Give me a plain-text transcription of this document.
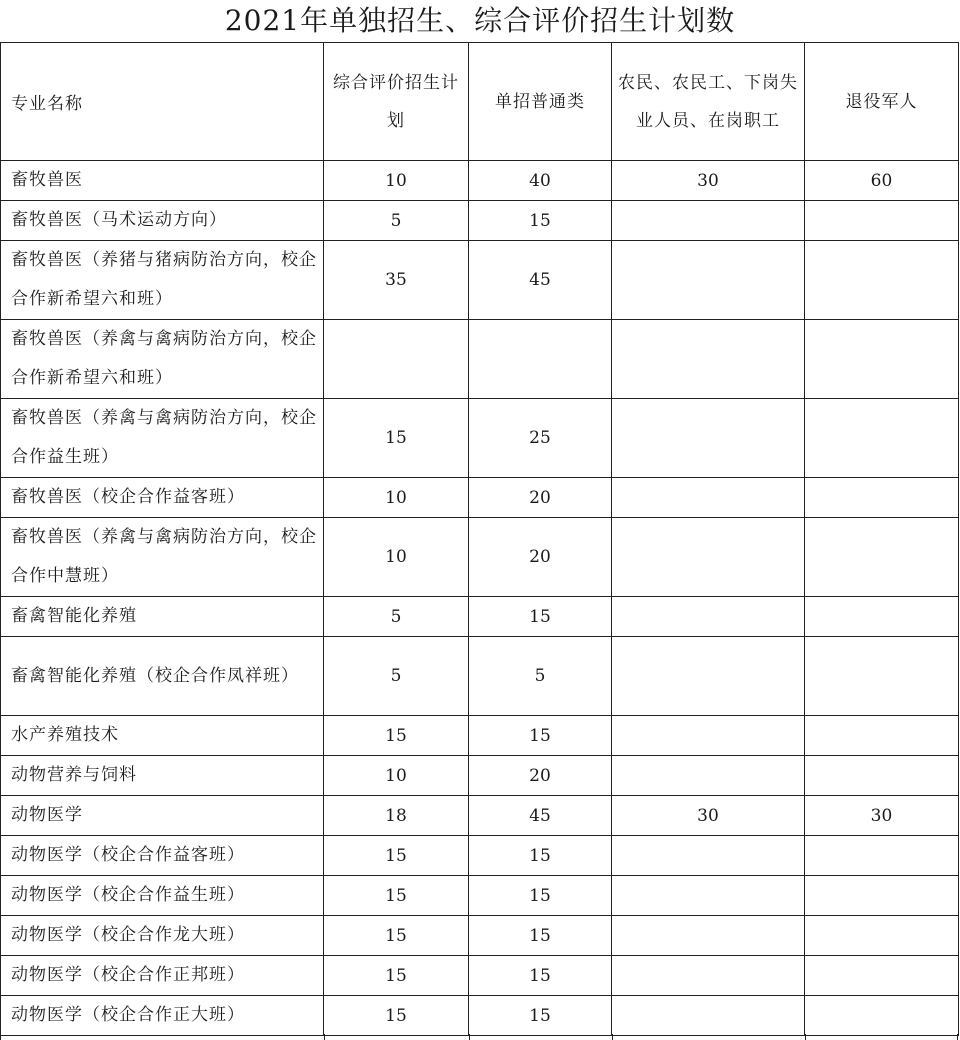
2021年单独招生、综合评价招生计划数
专业名称	综合评价招生计划	单招普通类	农民、农民工、下岗失业人员、在岗职工	退役军人
畜牧兽医	10	40	30	60
畜牧兽医（马术运动方向）	5	15		
畜牧兽医（养猪与猪病防治方向，校企合作新希望六和班）	35	45		
畜牧兽医（养禽与禽病防治方向，校企合作新希望六和班）				
畜牧兽医（养禽与禽病防治方向，校企合作益生班）	15	25		
畜牧兽医（校企合作益客班）	10	20		
畜牧兽医（养禽与禽病防治方向，校企合作中慧班）	10	20		
畜禽智能化养殖	5	15		
畜禽智能化养殖（校企合作凤祥班）	5	5		
水产养殖技术	15	15		
动物营养与饲料	10	20		
动物医学	18	45	30	30
动物医学（校企合作益客班）	15	15		
动物医学（校企合作益生班）	15	15		
动物医学（校企合作龙大班）	15	15		
动物医学（校企合作正邦班）	15	15		
动物医学（校企合作正大班）	15	15		
